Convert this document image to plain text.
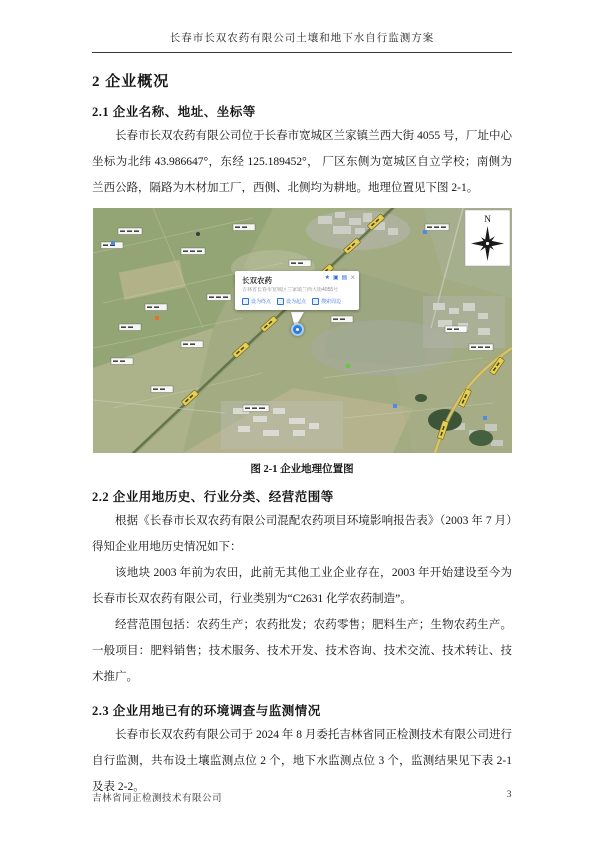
长春市长双农药有限公司土壤和地下水自行监测方案
2 企业概况
2.1 企业名称、地址、坐标等

长春市长双农药有限公司位于长春市宽城区兰家镇兰西大街 4055 号，厂址中心坐标为北纬 43.986647°，东经 125.189452°， 厂区东侧为宽城区自立学校；南侧为兰西公路，隔路为木材加工厂，西侧、北侧均为耕地。地理位置见下图 2-1。

N
★ ▣ ▤ ×
长双农药
吉林省长春市宽城区兰家镇兰西大街4055号
设为终点	设为起点	搜索周边
图 2-1 企业地理位置图
2.2 企业用地历史、行业分类、经营范围等

根据《长春市长双农药有限公司混配农药项目环境影响报告表》（2003 年 7 月）得知企业用地历史情况如下：

该地块 2003 年前为农田，此前无其他工业企业存在，2003 年开始建设至今为长春市长双农药有限公司，行业类别为“C2631 化学农药制造”。

经营范围包括：农药生产；农药批发；农药零售；肥料生产；生物农药生产。一般项目：肥料销售；技术服务、技术开发、技术咨询、技术交流、技术转让、技术推广。

2.3 企业用地已有的环境调查与监测情况

长春市长双农药有限公司于 2024 年 8 月委托吉林省同正检测技术有限公司进行自行监测，共布设土壤监测点位 2 个，地下水监测点位 3 个，监测结果见下表 2-1 及表 2-2。

吉林省同正检测技术有限公司	3
